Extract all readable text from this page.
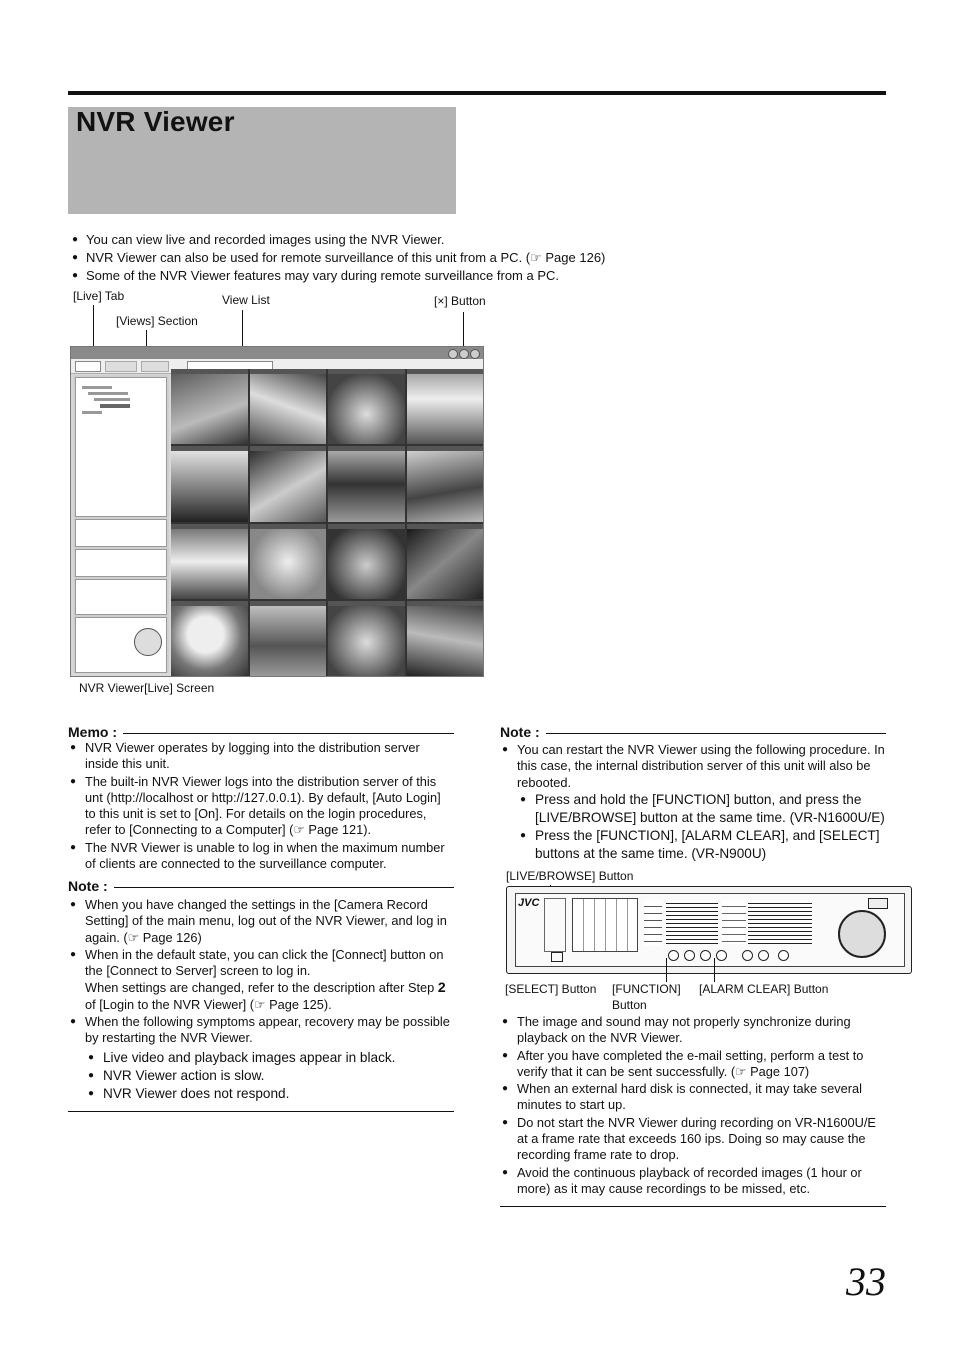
NVR Viewer
● You can view live and recorded images using the NVR Viewer.
● NVR Viewer can also be used for remote surveillance of this unit from a PC. (☞ Page 126)
● Some of the NVR Viewer features may vary during remote surveillance from a PC.
[Live] Tab	View List	[×] Button
[Views] Section
NVR Viewer[Live] Screen
Memo :
● NVR Viewer operates by logging into the distribution server inside this unit.
● The built-in NVR Viewer logs into the distribution server of this unt (http://localhost or http://127.0.0.1). By default, [Auto Login] to this unit is set to [On]. For details on the login procedures, refer to [Connecting to a Computer] (☞ Page 121).
● The NVR Viewer is unable to log in when the maximum number of clients are connected to the surveillance computer.
Note :
● When you have changed the settings in the [Camera Record Setting] of the main menu, log out of the NVR Viewer, and log in again. (☞ Page 126)
● When in the default state, you can click the [Connect] button on the [Connect to Server] screen to log in.
When settings are changed, refer to the description after Step 2 of [Login to the NVR Viewer] (☞ Page 125).
● When the following symptoms appear, recovery may be possible by restarting the NVR Viewer.
● Live video and playback images appear in black.
● NVR Viewer action is slow.
● NVR Viewer does not respond.
Note :
● You can restart the NVR Viewer using the following procedure. In this case, the internal distribution server of this unit will also be rebooted.
● Press and hold the [FUNCTION] button, and press the [LIVE/BROWSE] button at the same time. (VR-N1600U/E)
● Press the [FUNCTION], [ALARM CLEAR], and [SELECT] buttons at the same time. (VR-N900U)
[LIVE/BROWSE] Button
JVC
[SELECT] Button [FUNCTION]
Button
[ALARM CLEAR] Button
● The image and sound may not properly synchronize during playback on the NVR Viewer.
● After you have completed the e-mail setting, perform a test to verify that it can be sent successfully. (☞ Page 107)
● When an external hard disk is connected, it may take several minutes to start up.
● Do not start the NVR Viewer during recording on VR-N1600U/E at a frame rate that exceeds 160 ips. Doing so may cause the recording frame rate to drop.
● Avoid the continuous playback of recorded images (1 hour or more) as it may cause recordings to be missed, etc.
33
